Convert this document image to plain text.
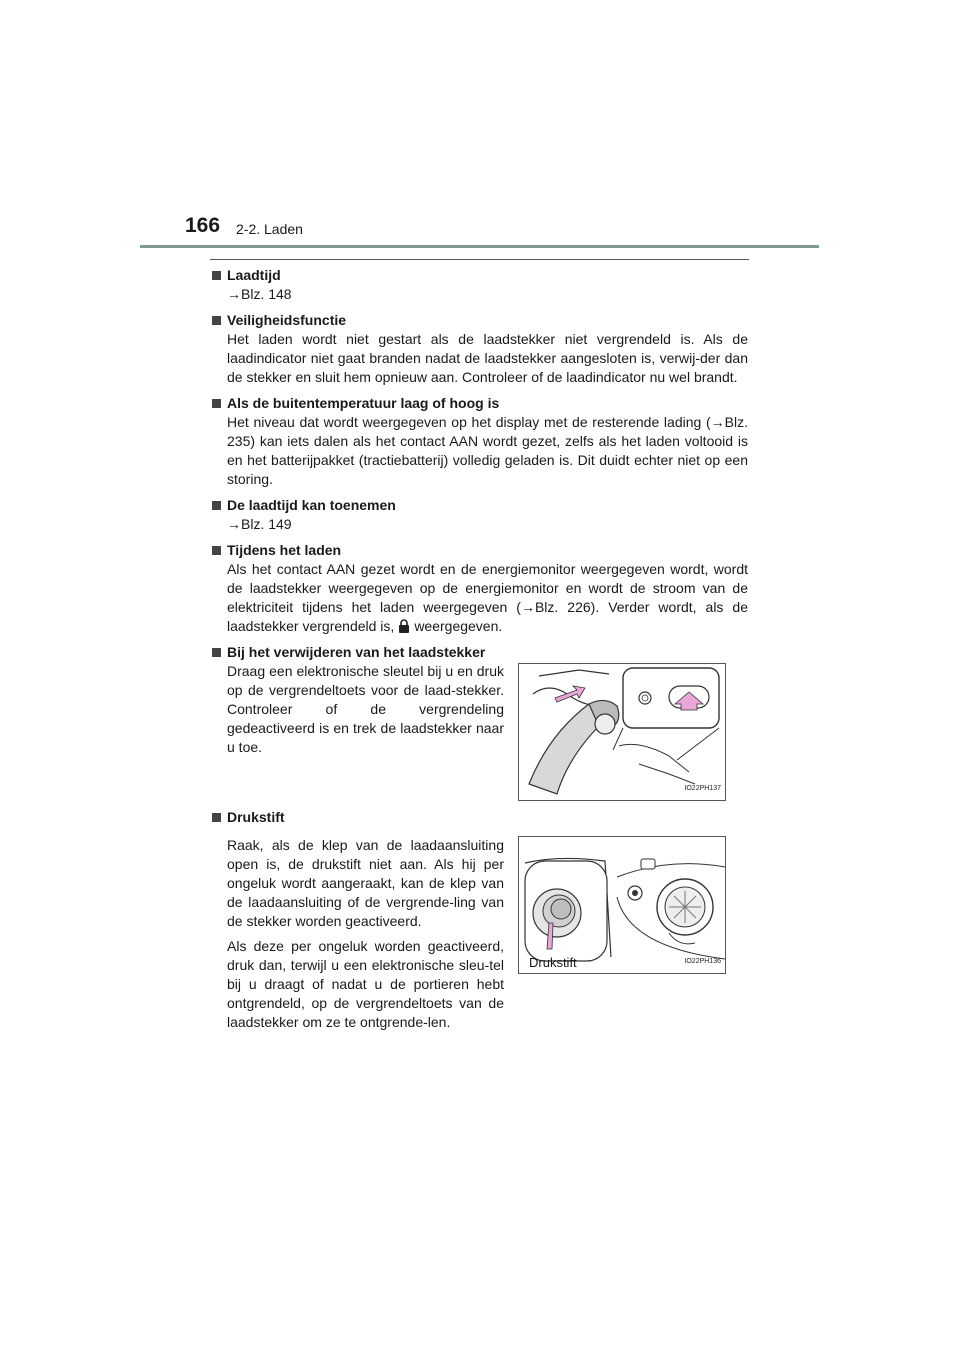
166 2-2. Laden
Laadtijd
→Blz. 148
Veiligheidsfunctie
Het laden wordt niet gestart als de laadstekker niet vergrendeld is. Als de laadindicator niet gaat branden nadat de laadstekker aangesloten is, verwij-der dan de stekker en sluit hem opnieuw aan. Controleer of de laadindicator nu wel brandt.
Als de buitentemperatuur laag of hoog is
Het niveau dat wordt weergegeven op het display met de resterende lading (→Blz. 235) kan iets dalen als het contact AAN wordt gezet, zelfs als het laden voltooid is en het batterijpakket (tractiebatterij) volledig geladen is. Dit duidt echter niet op een storing.
De laadtijd kan toenemen
→Blz. 149
Tijdens het laden
Als het contact AAN gezet wordt en de energiemonitor weergegeven wordt, wordt de laadstekker weergegeven op de energiemonitor en wordt de stroom van de elektriciteit tijdens het laden weergegeven (→Blz. 226). Verder wordt, als de laadstekker vergrendeld is, weergegeven.
Bij het verwijderen van het laadstekker
Draag een elektronische sleutel bij u en druk op de vergrendeltoets voor de laad-stekker. Controleer of de vergrendeling gedeactiveerd is en trek de laadstekker naar u toe.
IO22PH137
Drukstift

Raak, als de klep van de laadaansluiting open is, de drukstift niet aan. Als hij per ongeluk wordt aangeraakt, kan de klep van de laadaansluiting of de vergrende-ling van de stekker worden geactiveerd.

Als deze per ongeluk worden geactiveerd, druk dan, terwijl u een elektronische sleu-tel bij u draagt of nadat u de portieren hebt ontgrendeld, op de vergrendeltoets van de laadstekker om ze te ontgrende-len.

Drukstift	IO22PH136
